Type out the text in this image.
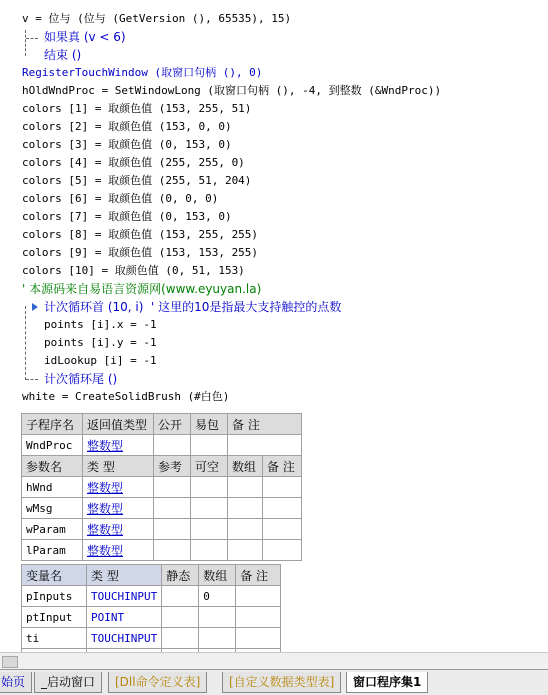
v = 位与 (位与 (GetVersion (), 65535), 15)
如果真 (v < 6)
结束 ()
RegisterTouchWindow (取窗口句柄 (), 0)
hOldWndProc = SetWindowLong (取窗口句柄 (), -4, 到整数 (&WndProc))
colors [1] = 取颜色值 (153, 255, 51)
colors [2] = 取颜色值 (153, 0, 0)
colors [3] = 取颜色值 (0, 153, 0)
colors [4] = 取颜色值 (255, 255, 0)
colors [5] = 取颜色值 (255, 51, 204)
colors [6] = 取颜色值 (0, 0, 0)
colors [7] = 取颜色值 (0, 153, 0)
colors [8] = 取颜色值 (153, 255, 255)
colors [9] = 取颜色值 (153, 153, 255)
colors [10] = 取颜色值 (0, 51, 153)
' 本源码来自易语言资源网(www.eyuyan.la)
计次循环首 (10, i)  ' 这里的10是指最大支持触控的点数
points [i].x = -1
points [i].y = -1
idLookup [i] = -1
计次循环尾 ()
white = CreateSolidBrush (#白色)
子程序名	返回值类型	公开	易包	备 注	
WndProc	整数型				
参数名	类 型	参考	可空	数组	备 注
hWnd	整数型				
wMsg	整数型				
wParam	整数型				
lParam	整数型				
变量名	类 型	静态	数组	备 注
pInputs	TOUCHINPUT		0	
ptInput	POINT			
ti	TOUCHINPUT			

始页	_启动窗口	[Dll命令定义表]	[自定义数据类型表]	窗口程序集1
